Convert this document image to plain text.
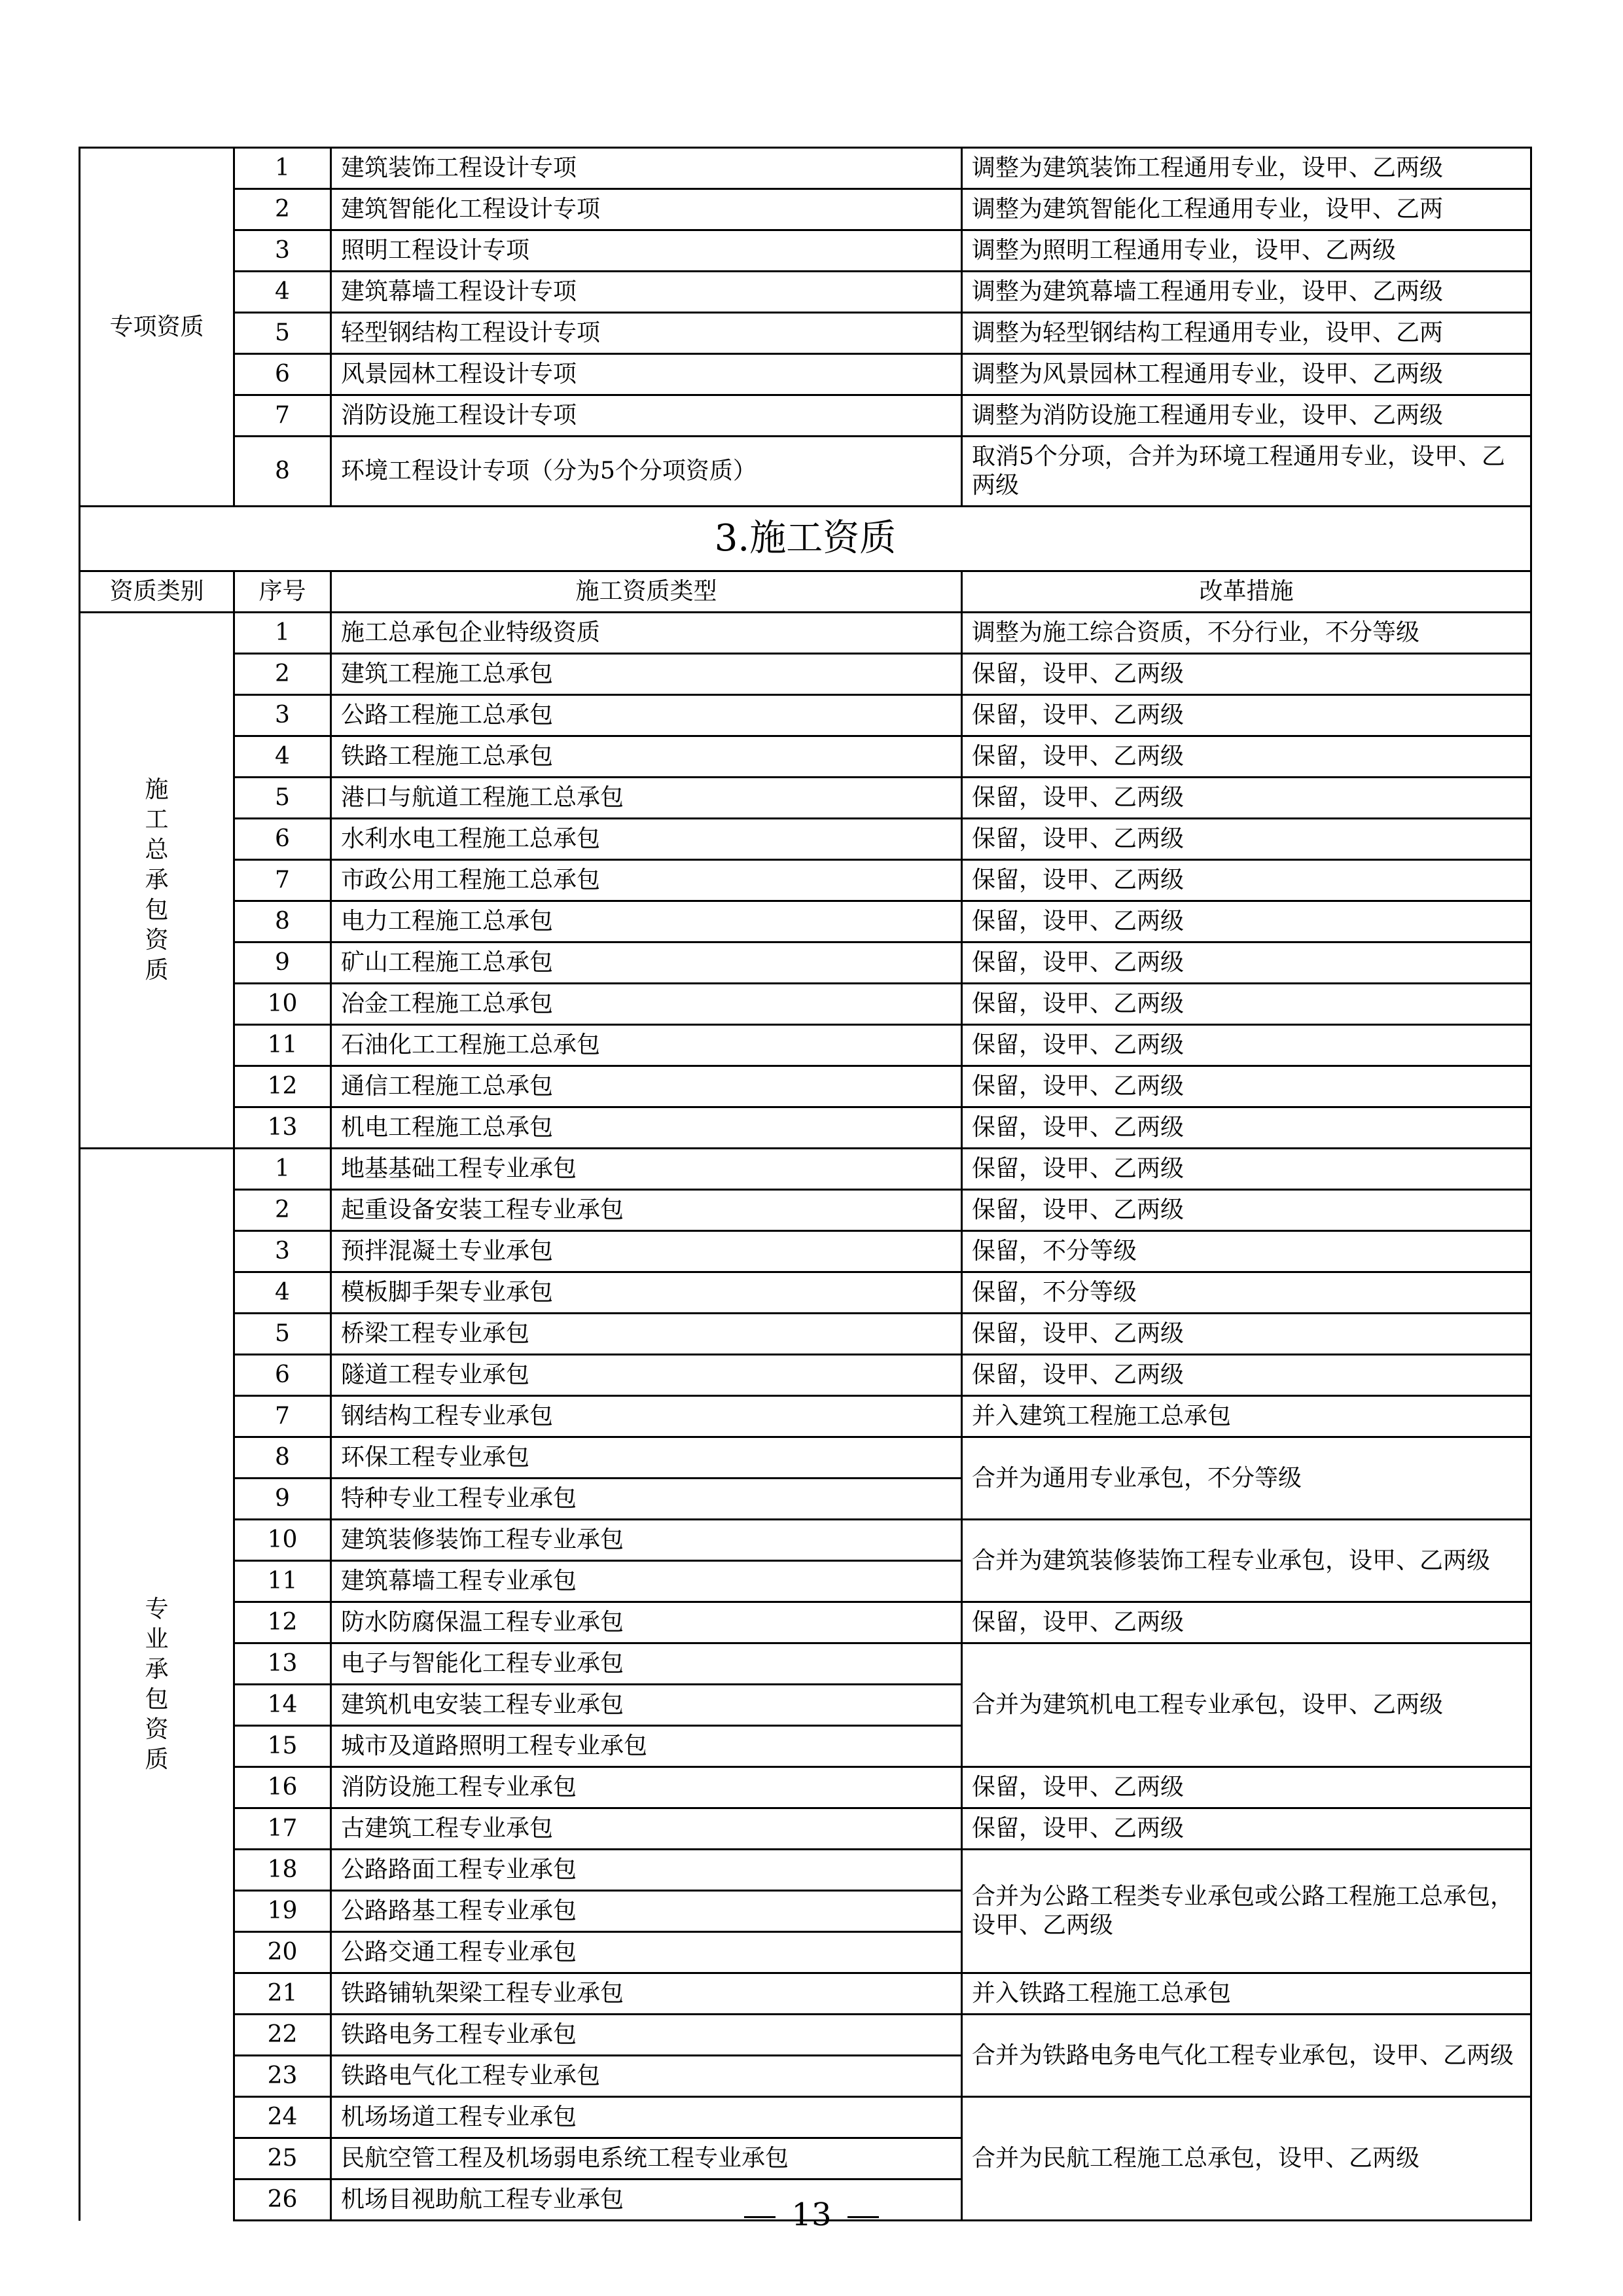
专项资质	1	建筑装饰工程设计专项	调整为建筑装饰工程通用专业，设甲、乙两级
	2	建筑智能化工程设计专项	调整为建筑智能化工程通用专业，设甲、乙两
	3	照明工程设计专项	调整为照明工程通用专业，设甲、乙两级
	4	建筑幕墙工程设计专项	调整为建筑幕墙工程通用专业，设甲、乙两级
	5	轻型钢结构工程设计专项	调整为轻型钢结构工程通用专业，设甲、乙两
	6	风景园林工程设计专项	调整为风景园林工程通用专业，设甲、乙两级
	7	消防设施工程设计专项	调整为消防设施工程通用专业，设甲、乙两级
	8	环境工程设计专项（分为5个分项资质）	取消5个分项，合并为环境工程通用专业，设甲、乙两级
3.施工资质			
资质类别	序号	施工资质类型	改革措施
施工总承包资质	1	施工总承包企业特级资质	调整为施工综合资质，不分行业，不分等级
	2	建筑工程施工总承包	保留，设甲、乙两级
	3	公路工程施工总承包	保留，设甲、乙两级
	4	铁路工程施工总承包	保留，设甲、乙两级
	5	港口与航道工程施工总承包	保留，设甲、乙两级
	6	水利水电工程施工总承包	保留，设甲、乙两级
	7	市政公用工程施工总承包	保留，设甲、乙两级
	8	电力工程施工总承包	保留，设甲、乙两级
	9	矿山工程施工总承包	保留，设甲、乙两级
	10	冶金工程施工总承包	保留，设甲、乙两级
	11	石油化工工程施工总承包	保留，设甲、乙两级
	12	通信工程施工总承包	保留，设甲、乙两级
	13	机电工程施工总承包	保留，设甲、乙两级
专业承包资质	1	地基基础工程专业承包	保留，设甲、乙两级
	2	起重设备安装工程专业承包	保留，设甲、乙两级
	3	预拌混凝土专业承包	保留，不分等级
	4	模板脚手架专业承包	保留，不分等级
	5	桥梁工程专业承包	保留，设甲、乙两级
	6	隧道工程专业承包	保留，设甲、乙两级
	7	钢结构工程专业承包	并入建筑工程施工总承包
	8	环保工程专业承包	合并为通用专业承包，不分等级
	9	特种专业工程专业承包	
	10	建筑装修装饰工程专业承包	合并为建筑装修装饰工程专业承包，设甲、乙两级
	11	建筑幕墙工程专业承包	
	12	防水防腐保温工程专业承包	保留，设甲、乙两级
	13	电子与智能化工程专业承包	合并为建筑机电工程专业承包，设甲、乙两级
	14	建筑机电安装工程专业承包	
	15	城市及道路照明工程专业承包	
	16	消防设施工程专业承包	保留，设甲、乙两级
	17	古建筑工程专业承包	保留，设甲、乙两级
	18	公路路面工程专业承包	合并为公路工程类专业承包或公路工程施工总承包，设甲、乙两级
	19	公路路基工程专业承包	
	20	公路交通工程专业承包	
	21	铁路铺轨架梁工程专业承包	并入铁路工程施工总承包
	22	铁路电务工程专业承包	合并为铁路电务电气化工程专业承包，设甲、乙两级
	23	铁路电气化工程专业承包	
	24	机场场道工程专业承包	合并为民航工程施工总承包，设甲、乙两级
	25	民航空管工程及机场弱电系统工程专业承包	
	26	机场目视助航工程专业承包		13
